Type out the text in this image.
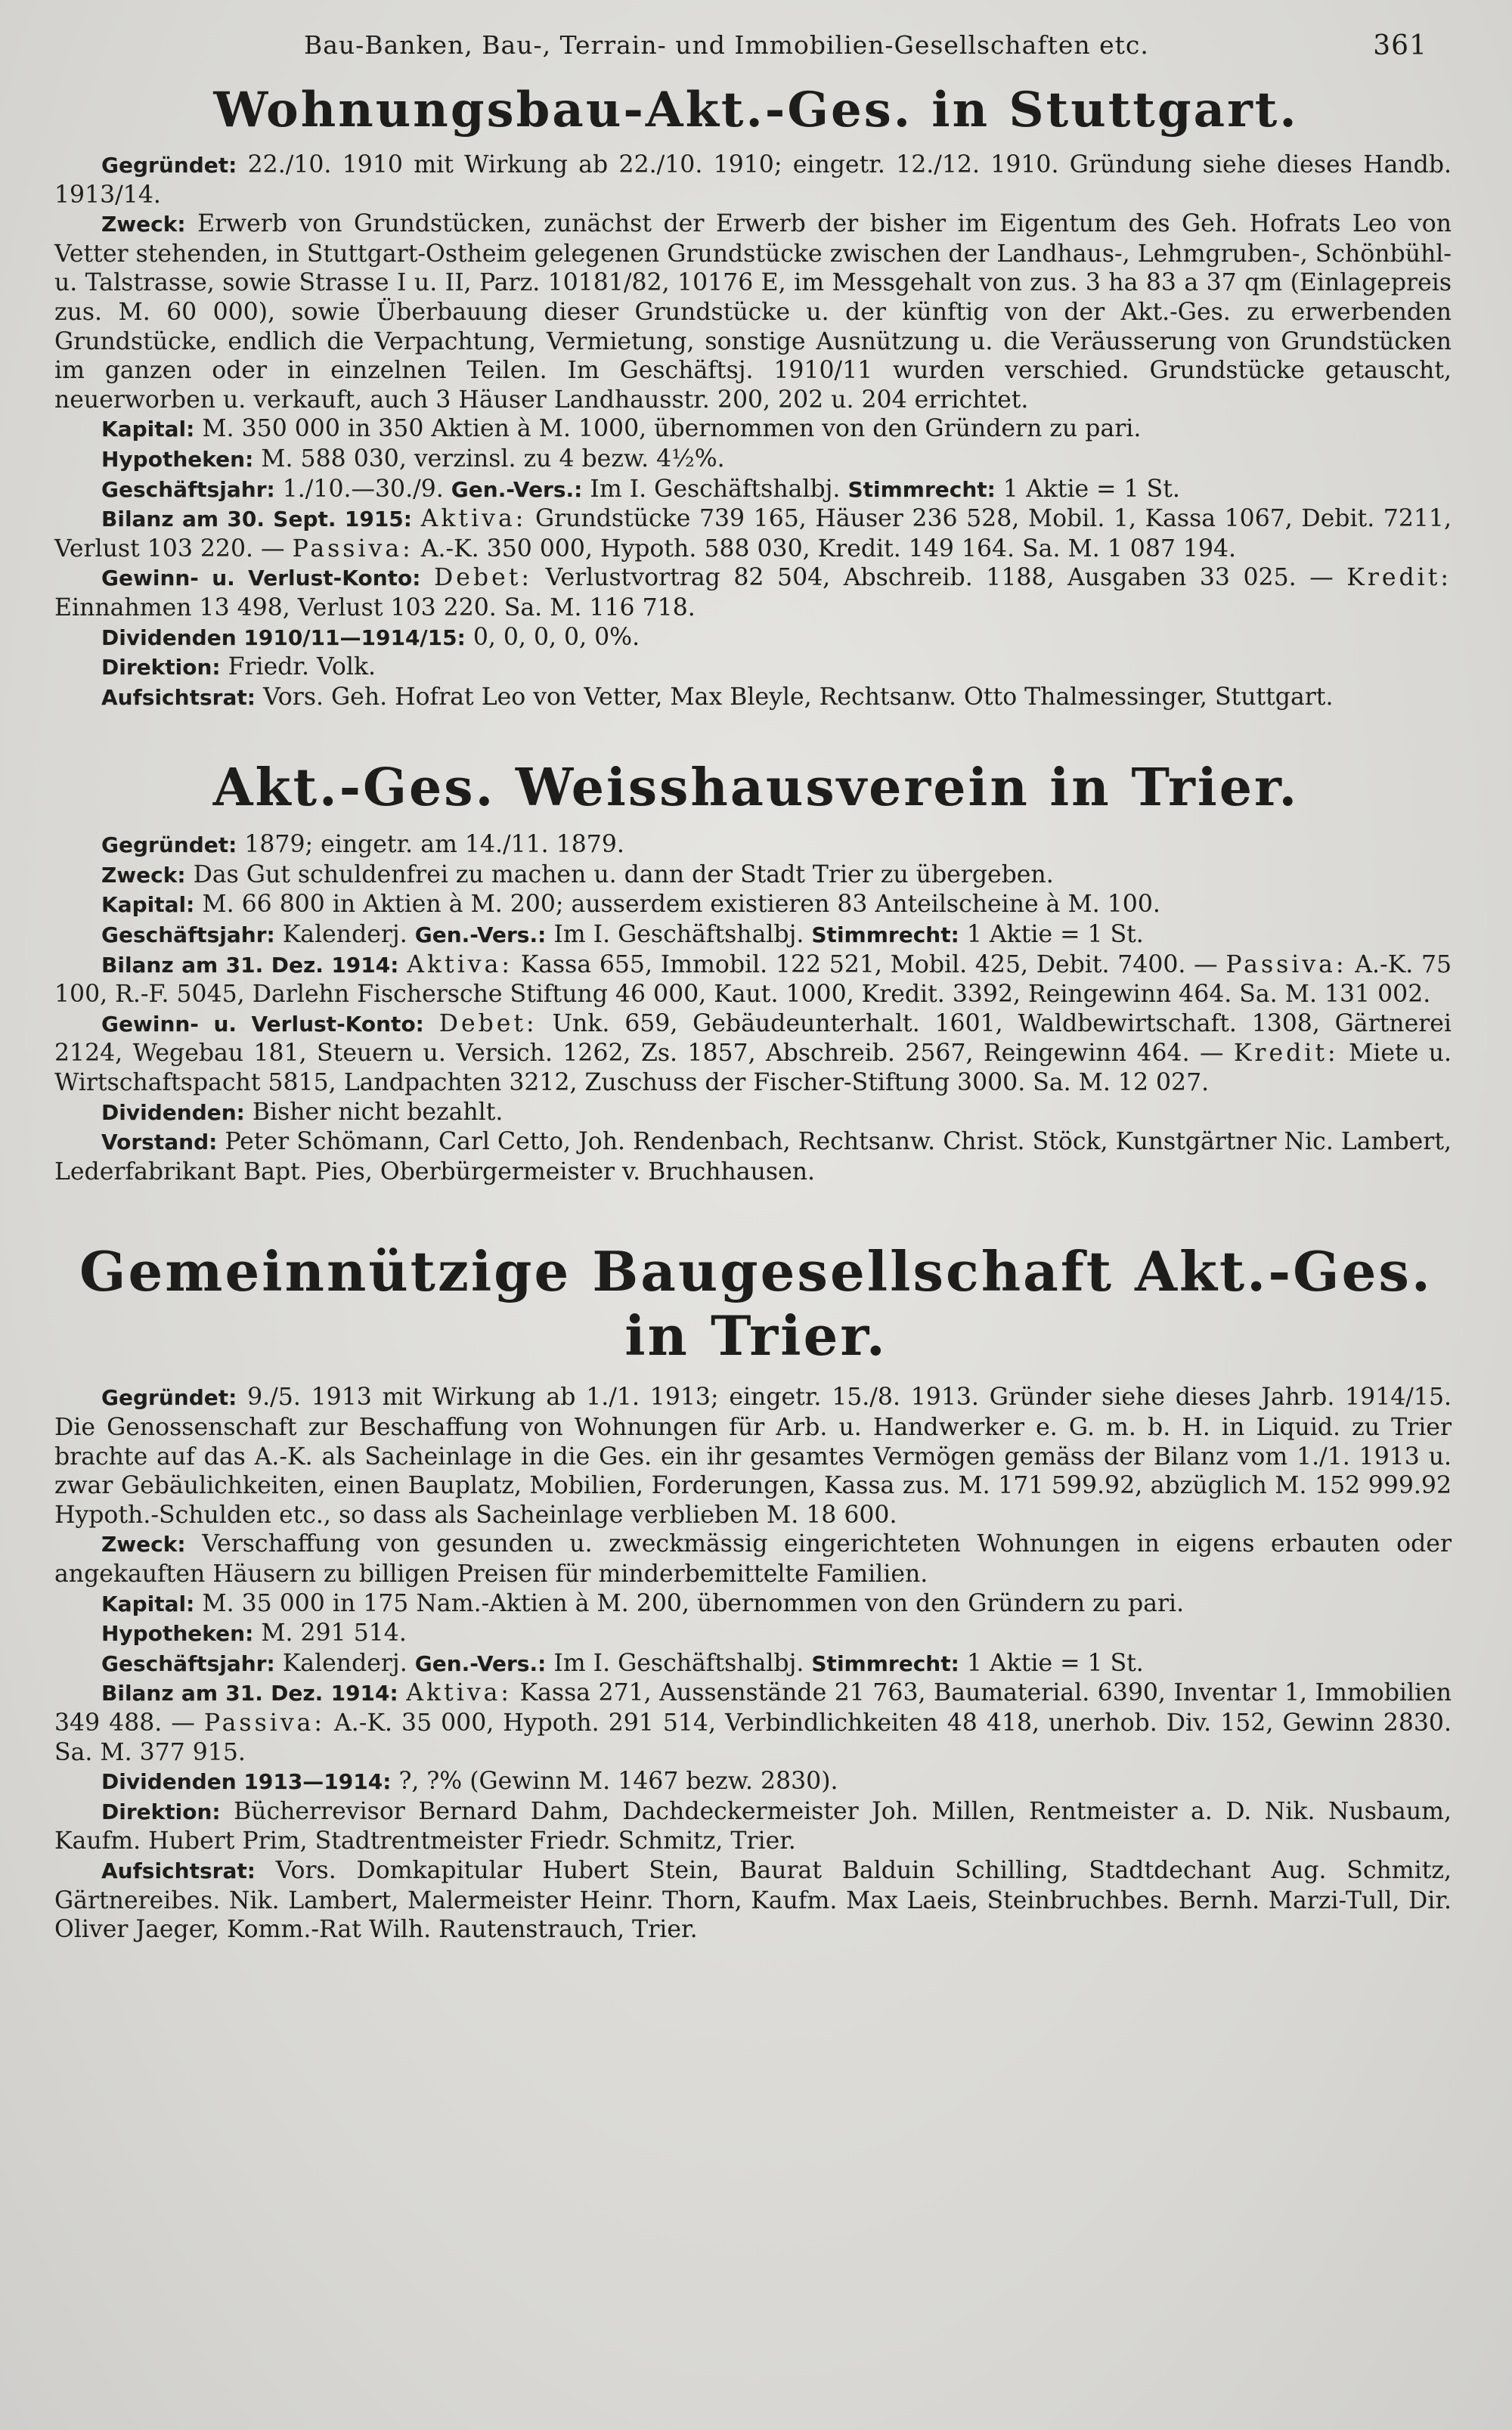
Bau-Banken, Bau-, Terrain- und Immobilien-Gesellschaften etc.	361
Wohnungsbau-Akt.-Ges. in Stuttgart.

Gegründet: 22./10. 1910 mit Wirkung ab 22./10. 1910; eingetr. 12./12. 1910. Gründung siehe dieses Handb. 1913/14.

Zweck: Erwerb von Grundstücken, zunächst der Erwerb der bisher im Eigentum des Geh. Hofrats Leo von Vetter stehenden, in Stuttgart-Ostheim gelegenen Grundstücke zwischen der Landhaus-, Lehmgruben-, Schönbühl- u. Talstrasse, sowie Strasse I u. II, Parz. 10181/82, 10176 E, im Messgehalt von zus. 3 ha 83 a 37 qm (Einlagepreis zus. M. 60 000), sowie Überbauung dieser Grundstücke u. der künftig von der Akt.-Ges. zu erwerbenden Grundstücke, endlich die Verpachtung, Vermietung, sonstige Ausnützung u. die Veräusserung von Grundstücken im ganzen oder in einzelnen Teilen. Im Geschäftsj. 1910/11 wurden verschied. Grundstücke getauscht, neuerworben u. verkauft, auch 3 Häuser Landhausstr. 200, 202 u. 204 errichtet.

Kapital: M. 350 000 in 350 Aktien à M. 1000, übernommen von den Gründern zu pari.

Hypotheken: M. 588 030, verzinsl. zu 4 bezw. 4½%.

Geschäftsjahr: 1./10.—30./9. Gen.-Vers.: Im I. Geschäftshalbj. Stimmrecht: 1 Aktie = 1 St.

Bilanz am 30. Sept. 1915: Aktiva: Grundstücke 739 165, Häuser 236 528, Mobil. 1, Kassa 1067, Debit. 7211, Verlust 103 220. — Passiva: A.-K. 350 000, Hypoth. 588 030, Kredit. 149 164. Sa. M. 1 087 194.

Gewinn- u. Verlust-Konto: Debet: Verlustvortrag 82 504, Abschreib. 1188, Ausgaben 33 025. — Kredit: Einnahmen 13 498, Verlust 103 220. Sa. M. 116 718.

Dividenden 1910/11—1914/15: 0, 0, 0, 0, 0%.

Direktion: Friedr. Volk.

Aufsichtsrat: Vors. Geh. Hofrat Leo von Vetter, Max Bleyle, Rechtsanw. Otto Thalmessinger, Stuttgart.

Akt.-Ges. Weisshausverein in Trier.

Gegründet: 1879; eingetr. am 14./11. 1879.

Zweck: Das Gut schuldenfrei zu machen u. dann der Stadt Trier zu übergeben.

Kapital: M. 66 800 in Aktien à M. 200; ausserdem existieren 83 Anteilscheine à M. 100.

Geschäftsjahr: Kalenderj. Gen.-Vers.: Im I. Geschäftshalbj. Stimmrecht: 1 Aktie = 1 St.

Bilanz am 31. Dez. 1914: Aktiva: Kassa 655, Immobil. 122 521, Mobil. 425, Debit. 7400. — Passiva: A.-K. 75 100, R.-F. 5045, Darlehn Fischersche Stiftung 46 000, Kaut. 1000, Kredit. 3392, Reingewinn 464. Sa. M. 131 002.

Gewinn- u. Verlust-Konto: Debet: Unk. 659, Gebäudeunterhalt. 1601, Waldbewirtschaft. 1308, Gärtnerei 2124, Wegebau 181, Steuern u. Versich. 1262, Zs. 1857, Abschreib. 2567, Reingewinn 464. — Kredit: Miete u. Wirtschaftspacht 5815, Landpachten 3212, Zuschuss der Fischer-Stiftung 3000. Sa. M. 12 027.

Dividenden: Bisher nicht bezahlt.

Vorstand: Peter Schömann, Carl Cetto, Joh. Rendenbach, Rechtsanw. Christ. Stöck, Kunstgärtner Nic. Lambert, Lederfabrikant Bapt. Pies, Oberbürgermeister v. Bruchhausen.

Gemeinnützige Baugesellschaft Akt.-Ges. in Trier.

Gegründet: 9./5. 1913 mit Wirkung ab 1./1. 1913; eingetr. 15./8. 1913. Gründer siehe dieses Jahrb. 1914/15. Die Genossenschaft zur Beschaffung von Wohnungen für Arb. u. Handwerker e. G. m. b. H. in Liquid. zu Trier brachte auf das A.-K. als Sacheinlage in die Ges. ein ihr gesamtes Vermögen gemäss der Bilanz vom 1./1. 1913 u. zwar Gebäulichkeiten, einen Bauplatz, Mobilien, Forderungen, Kassa zus. M. 171 599.92, abzüglich M. 152 999.92 Hypoth.-Schulden etc., so dass als Sacheinlage verblieben M. 18 600.

Zweck: Verschaffung von gesunden u. zweckmässig eingerichteten Wohnungen in eigens erbauten oder angekauften Häusern zu billigen Preisen für minderbemittelte Familien.

Kapital: M. 35 000 in 175 Nam.-Aktien à M. 200, übernommen von den Gründern zu pari.

Hypotheken: M. 291 514.

Geschäftsjahr: Kalenderj. Gen.-Vers.: Im I. Geschäftshalbj. Stimmrecht: 1 Aktie = 1 St.

Bilanz am 31. Dez. 1914: Aktiva: Kassa 271, Aussenstände 21 763, Baumaterial. 6390, Inventar 1, Immobilien 349 488. — Passiva: A.-K. 35 000, Hypoth. 291 514, Verbindlichkeiten 48 418, unerhob. Div. 152, Gewinn 2830. Sa. M. 377 915.

Dividenden 1913—1914: ?, ?% (Gewinn M. 1467 bezw. 2830).

Direktion: Bücherrevisor Bernard Dahm, Dachdeckermeister Joh. Millen, Rentmeister a. D. Nik. Nusbaum, Kaufm. Hubert Prim, Stadtrentmeister Friedr. Schmitz, Trier.

Aufsichtsrat: Vors. Domkapitular Hubert Stein, Baurat Balduin Schilling, Stadtdechant Aug. Schmitz, Gärtnereibes. Nik. Lambert, Malermeister Heinr. Thorn, Kaufm. Max Laeis, Steinbruchbes. Bernh. Marzi-Tull, Dir. Oliver Jaeger, Komm.-Rat Wilh. Rautenstrauch, Trier.
